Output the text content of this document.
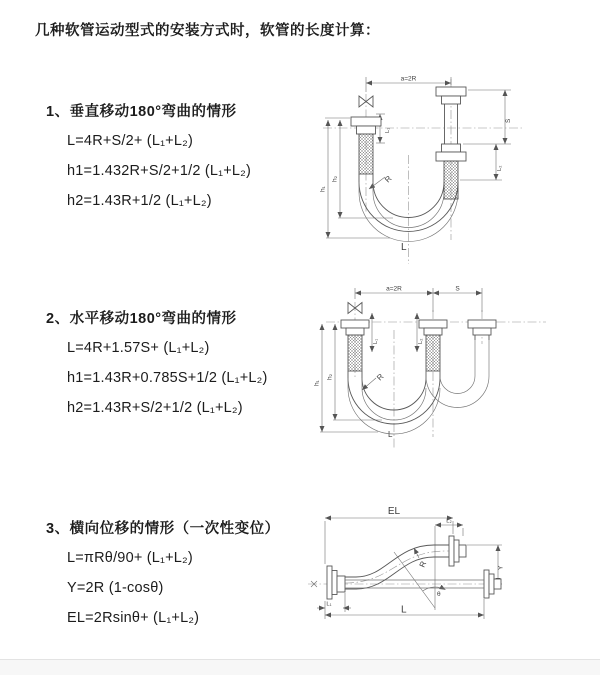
几种软管运动型式的安装方式时，软管的长度计算：
1、垂直移动180°弯曲的情形
L=4R+S/2+ (L₁+L₂)
h1=1.432R+S/2+1/2 (L₁+L₂)
h2=1.43R+1/2 (L₁+L₂)
2、水平移动180°弯曲的情形
L=4R+1.57S+ (L₁+L₂)
h1=1.43R+0.785S+1/2 (L₁+L₂)
h2=1.43R+S/2+1/2 (L₁+L₂)
3、横向位移的情形（一次性变位）
L=πRθ/90+ (L₁+L₂)
Y=2R (1-cosθ)
EL=2Rsinθ+ (L₁+L₂)
a=2R
h₁
h₂
L₁
S
L₂
R
L
a=2R	S
h₁
h₂
L₁	L₂
R
L
EL
L₂
Y
R
θ
L
L₁
